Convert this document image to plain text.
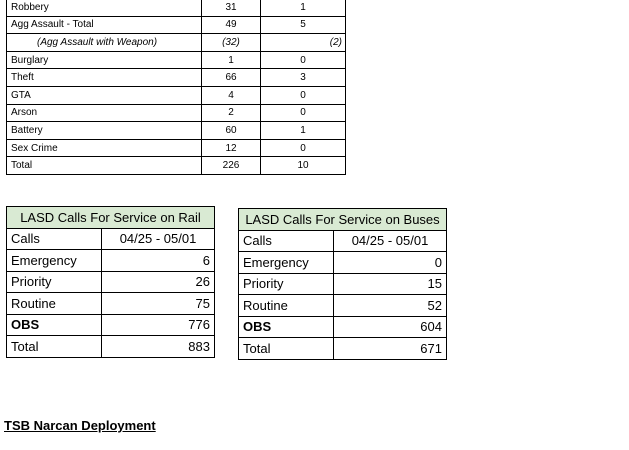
Robbery	31	1
Agg Assault - Total	49	5
(Agg Assault with Weapon)	(32)	(2)
Burglary	1	0
Theft	66	3
GTA	4	0
Arson	2	0
Battery	60	1
Sex Crime	12	0
Total	226	10
LASD Calls For Service on Rail	
Calls	04/25 - 05/01
Emergency	6
Priority	26
Routine	75
OBS	776
Total	883
LASD Calls For Service on Buses	
Calls	04/25 - 05/01
Emergency	0
Priority	15
Routine	52
OBS	604
Total	671

TSB Narcan Deployment
